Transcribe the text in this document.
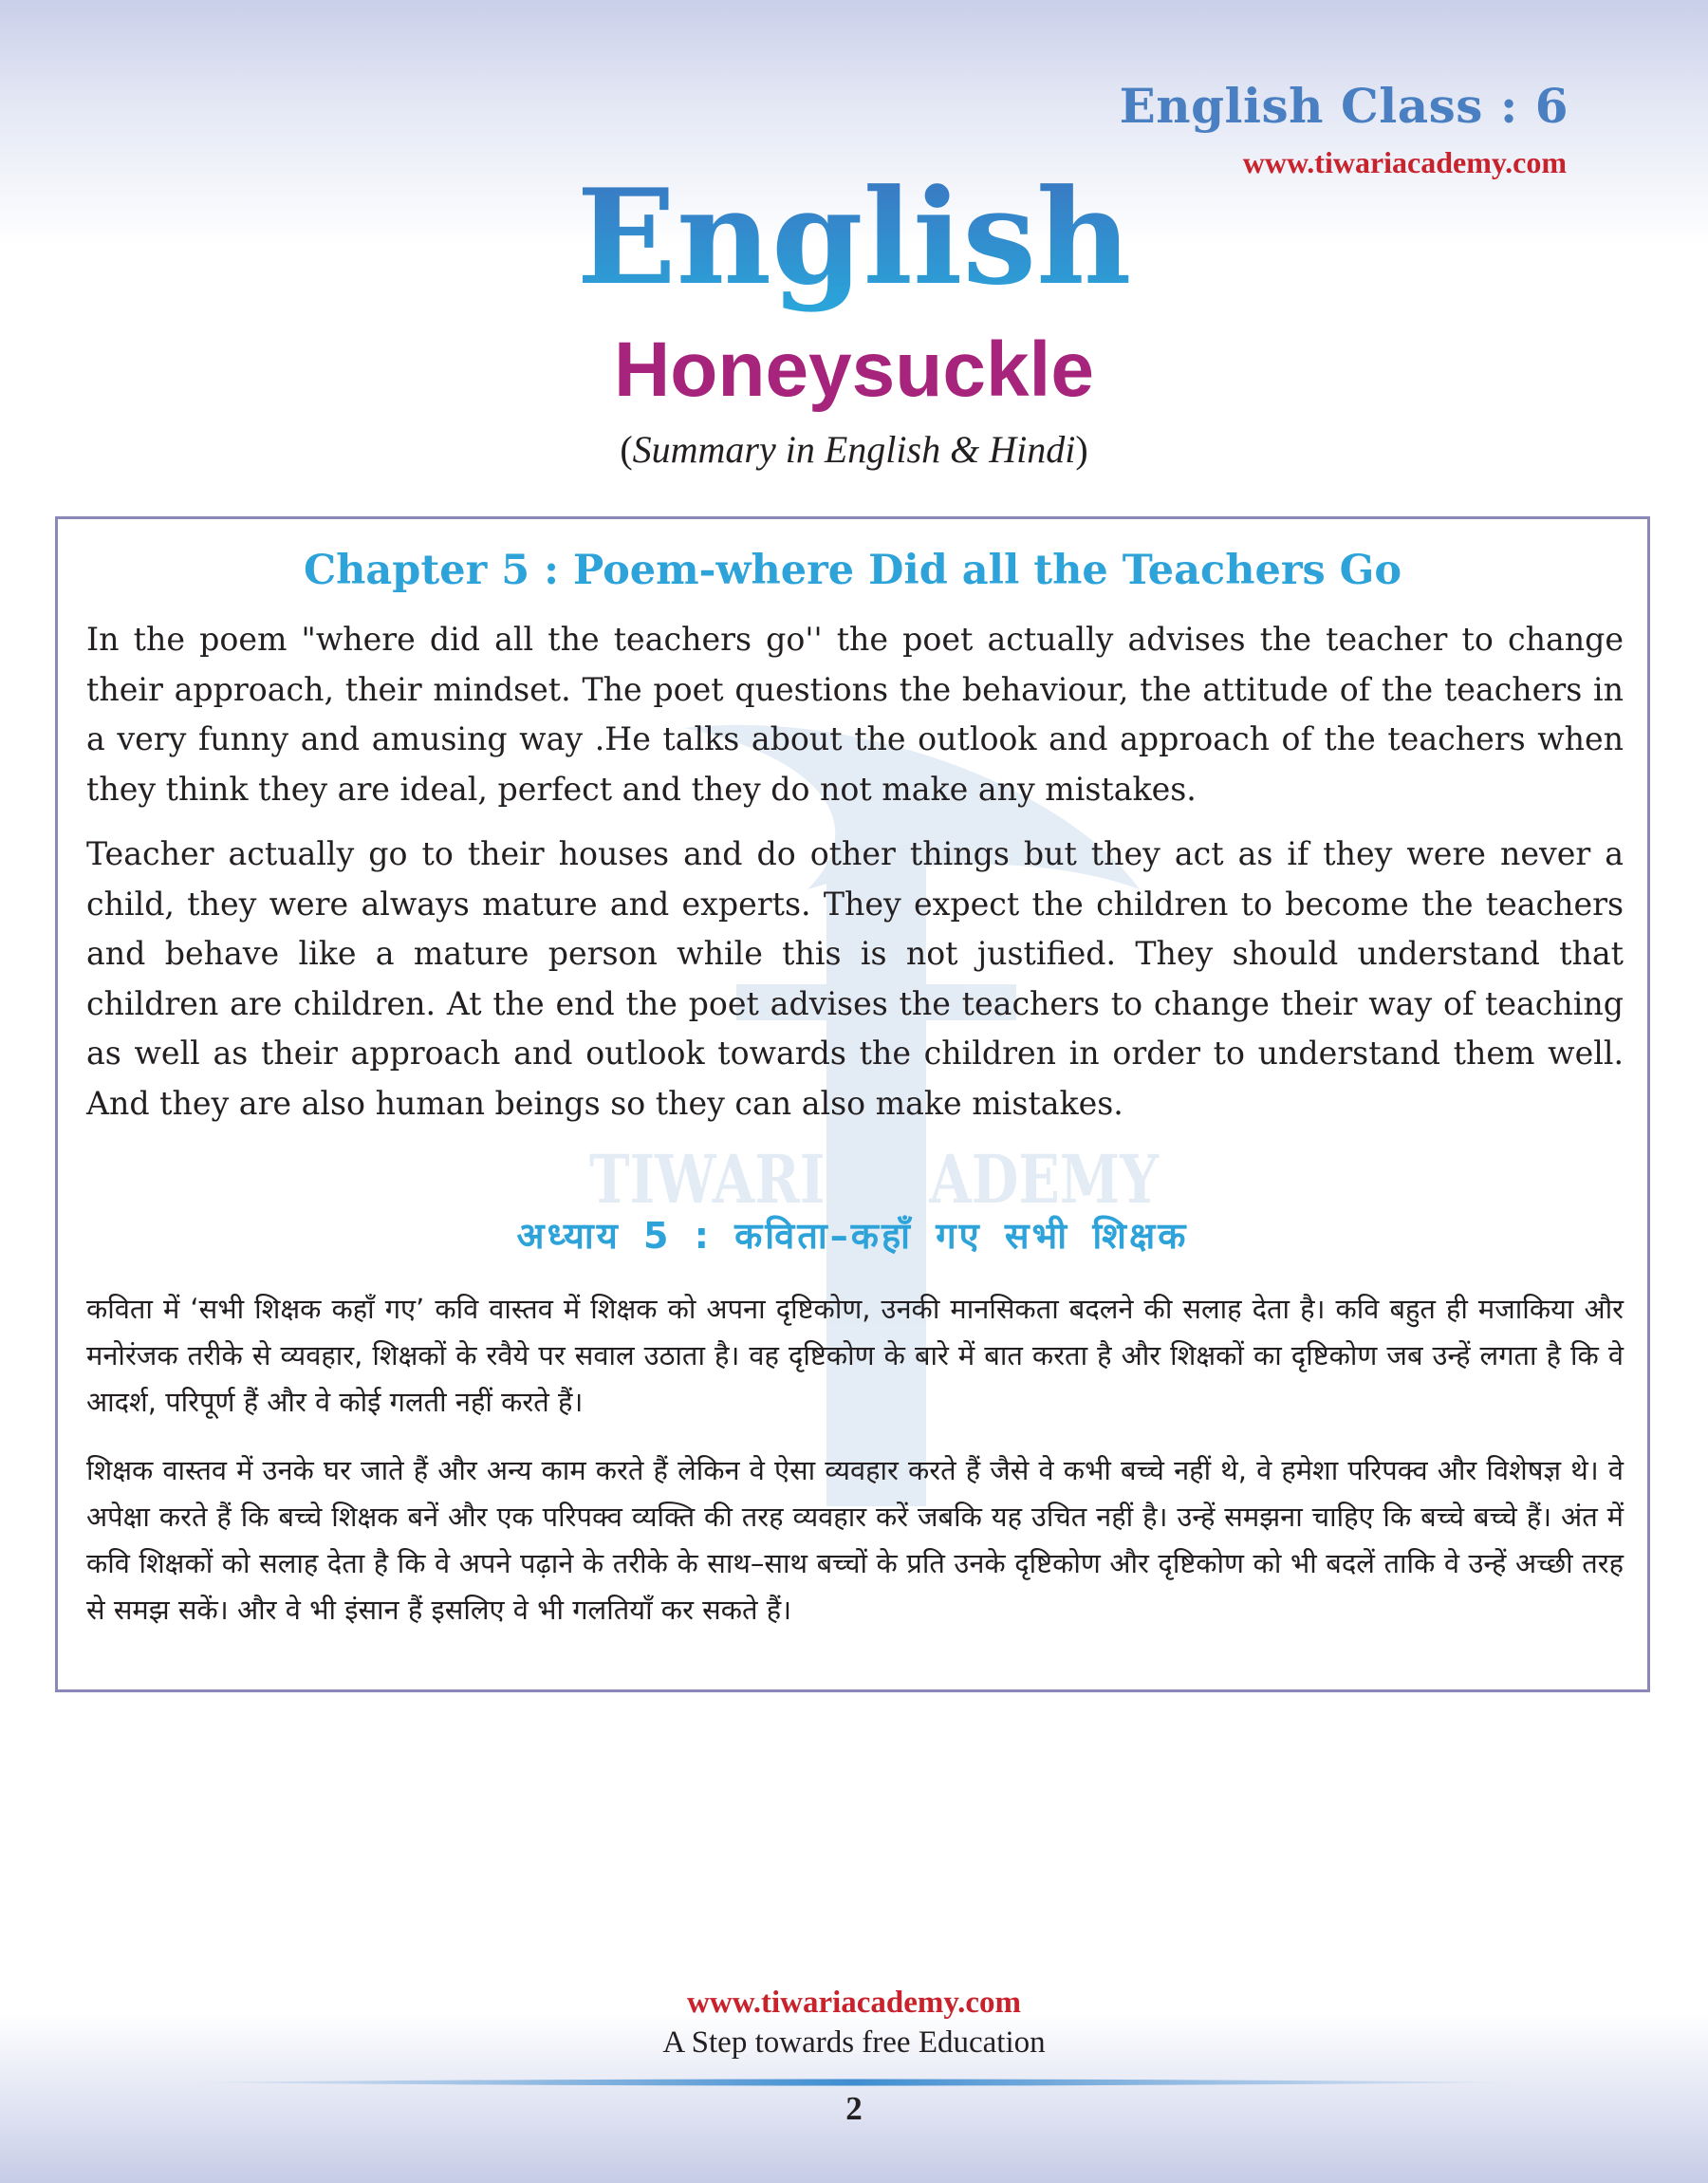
English Class : 6
English
Honeysuckle
(Summary in English & Hindi)
TIWARI ACADEMY
Chapter 5 : Poem-where Did all the Teachers Go

In the poem "where did all the teachers go'' the poet actually advises the teacher to change their approach, their mindset. The poet questions the behaviour, the attitude of the teachers in a very funny and amusing way .He talks about the outlook and approach of the teachers when they think they are ideal, perfect and they do not make any mistakes.

Teacher actually go to their houses and do other things but they act as if they were never a child, they were always mature and experts. They expect the children to become the teachers and behave like a mature person while this is not justified. They should understand that children are children. At the end the poet advises the teachers to change their way of teaching as well as their approach and outlook towards the children in order to understand them well. And they are also human beings so they can also make mistakes.

अध्याय 5 : कविता–कहाँ गए सभी शिक्षक

कविता में ‘सभी शिक्षक कहाँ गए’ कवि वास्तव में शिक्षक को अपना दृष्टिकोण, उनकी मानसिकता बदलने की सलाह देता है। कवि बहुत ही मजाकिया और मनोरंजक तरीके से व्यवहार, शिक्षकों के रवैये पर सवाल उठाता है। वह दृष्टिकोण के बारे में बात करता है और शिक्षकों का दृष्टिकोण जब उन्हें लगता है कि वे आदर्श, परिपूर्ण हैं और वे कोई गलती नहीं करते हैं।

शिक्षक वास्तव में उनके घर जाते हैं और अन्य काम करते हैं लेकिन वे ऐसा व्यवहार करते हैं जैसे वे कभी बच्चे नहीं थे, वे हमेशा परिपक्व और विशेषज्ञ थे। वे अपेक्षा करते हैं कि बच्चे शिक्षक बनें और एक परिपक्व व्यक्ति की तरह व्यवहार करें जबकि यह उचित नहीं है। उन्हें समझना चाहिए कि बच्चे बच्चे हैं। अंत में कवि शिक्षकों को सलाह देता है कि वे अपने पढ़ाने के तरीके के साथ–साथ बच्चों के प्रति उनके दृष्टिकोण और दृष्टिकोण को भी बदलें ताकि वे उन्हें अच्छी तरह से समझ सकें। और वे भी इंसान हैं इसलिए वे भी गलतियाँ कर सकते हैं।

www.tiwariacademy.com
A Step towards free Education
2
